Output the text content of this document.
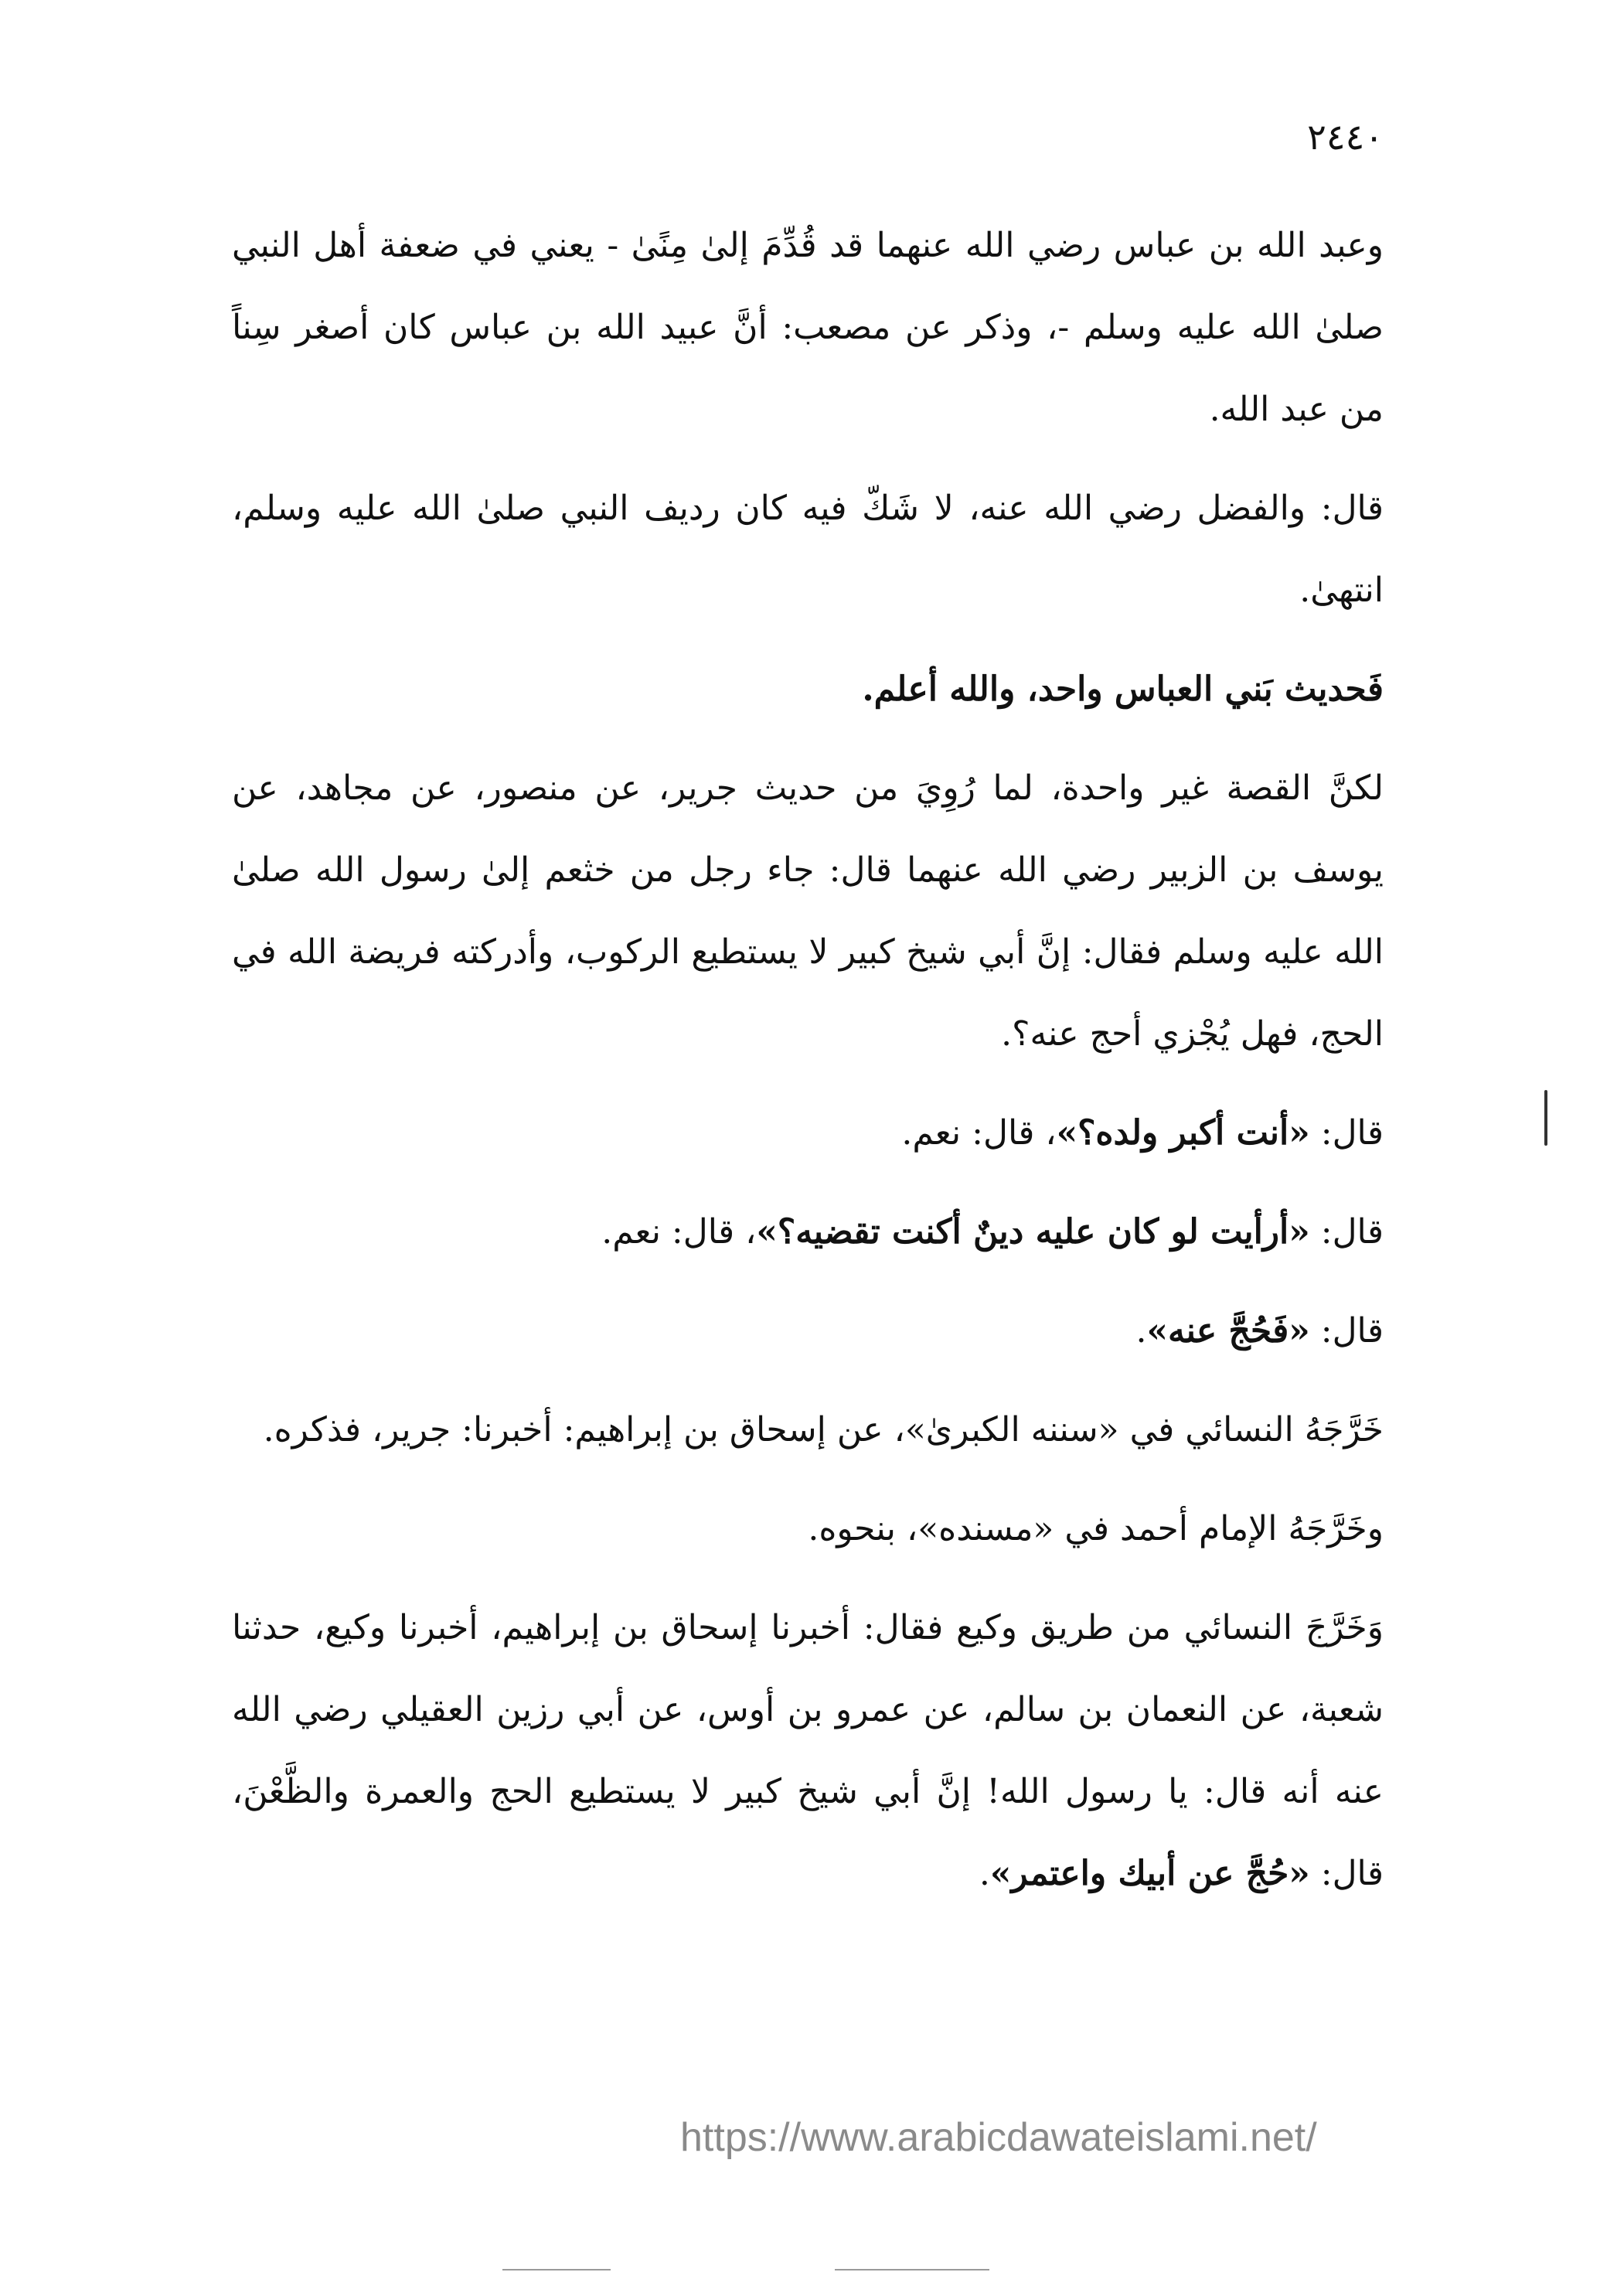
٢٤٤٠

وعبد الله بن عباس رضي الله عنهما قد قُدِّمَ إلىٰ مِنًىٰ - يعني في ضعفة أهل النبي صلىٰ الله عليه وسلم -، وذكر عن مصعب: أنَّ عبيد الله بن عباس كان أصغر سِناً من عبد الله.

قال: والفضل رضي الله عنه، لا شَكّ فيه كان رديف النبي صلىٰ الله عليه وسلم، انتهىٰ.

فَحديث بَني العباس واحد، والله أعلم.

لكنَّ القصة غير واحدة، لما رُوِيَ من حديث جرير، عن منصور، عن مجاهد، عن يوسف بن الزبير رضي الله عنهما قال: جاء رجل من خثعم إلىٰ رسول الله صلىٰ الله عليه وسلم فقال: إنَّ أبي شيخ كبير لا يستطيع الركوب، وأدركته فريضة الله في الحج، فهل يُجْزي أحج عنه؟.

قال: «أنت أكبر ولده؟»، قال: نعم.

قال: «أرأيت لو كان عليه دينٌ أكنت تقضيه؟»، قال: نعم.

قال: «فَحُجَّ عنه».

خَرَّجَهُ النسائي في «سننه الكبرىٰ»، عن إسحاق بن إبراهيم: أخبرنا: جرير، فذكره.

وخَرَّجَهُ الإمام أحمد في «مسنده»، بنحوه.

وَخَرَّجَ النسائي من طريق وكيع فقال: أخبرنا إسحاق بن إبراهيم، أخبرنا وكيع، حدثنا شعبة، عن النعمان بن سالم، عن عمرو بن أوس، عن أبي رزين العقيلي رضي الله عنه أنه قال: يا رسول الله! إنَّ أبي شيخ كبير لا يستطيع الحج والعمرة والظَّعْنَ، قال: «حُجَّ عن أبيك واعتمر».

https://www.arabicdawateislami.net/
